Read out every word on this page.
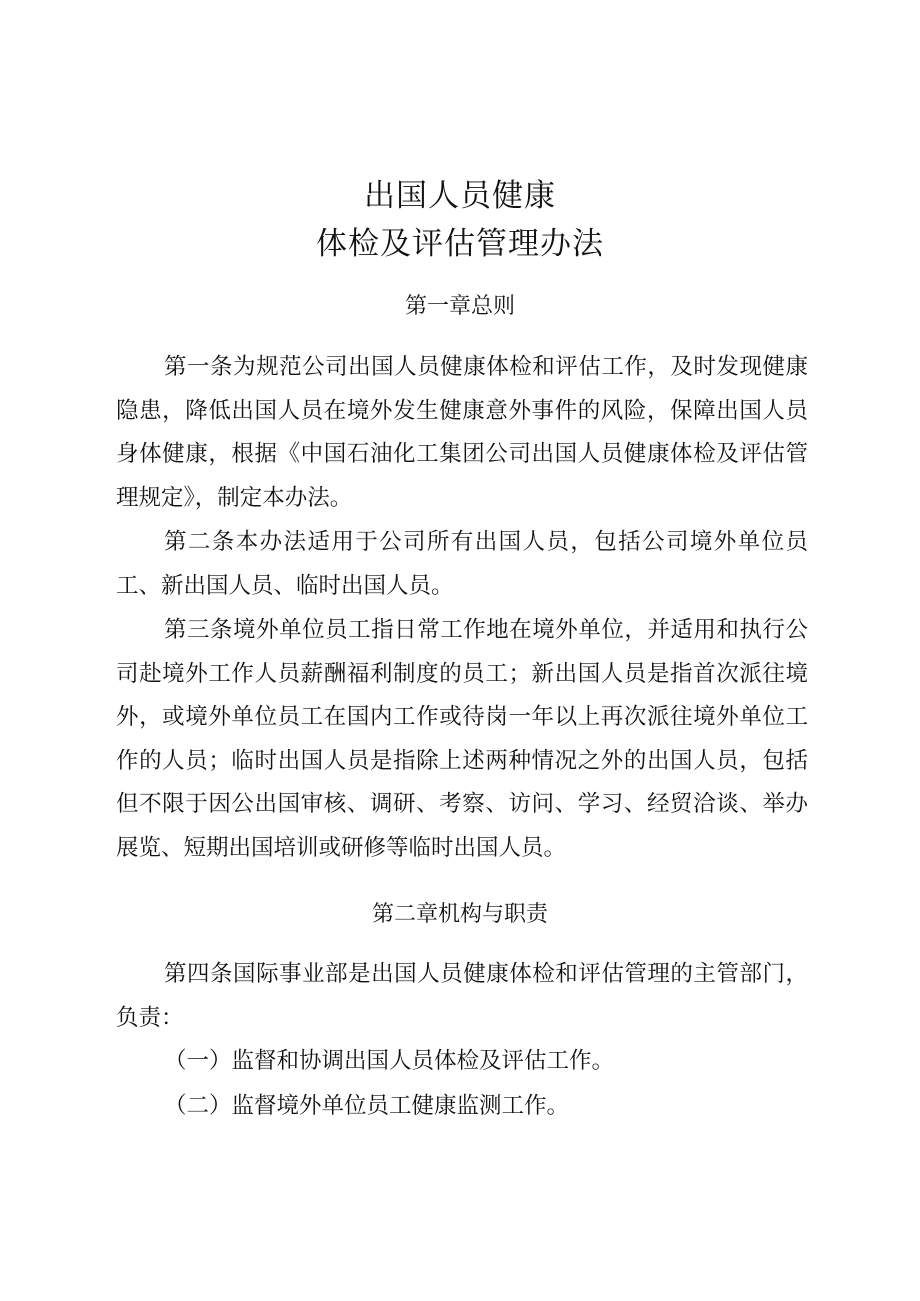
出国人员健康
体检及评估管理办法
第一章总则

第一条为规范公司出国人员健康体检和评估工作，及时发现健康隐患，降低出国人员在境外发生健康意外事件的风险，保障出国人员身体健康，根据《中国石油化工集团公司出国人员健康体检及评估管理规定》，制定本办法。

第二条本办法适用于公司所有出国人员，包括公司境外单位员工、新出国人员、临时出国人员。

第三条境外单位员工指日常工作地在境外单位，并适用和执行公司赴境外工作人员薪酬福利制度的员工；新出国人员是指首次派往境外，或境外单位员工在国内工作或待岗一年以上再次派往境外单位工作的人员；临时出国人员是指除上述两种情况之外的出国人员，包括但不限于因公出国审核、调研、考察、访问、学习、经贸洽谈、举办展览、短期出国培训或研修等临时出国人员。

第二章机构与职责

第四条国际事业部是出国人员健康体检和评估管理的主管部门，负责：

（一）监督和协调出国人员体检及评估工作。

（二）监督境外单位员工健康监测工作。
